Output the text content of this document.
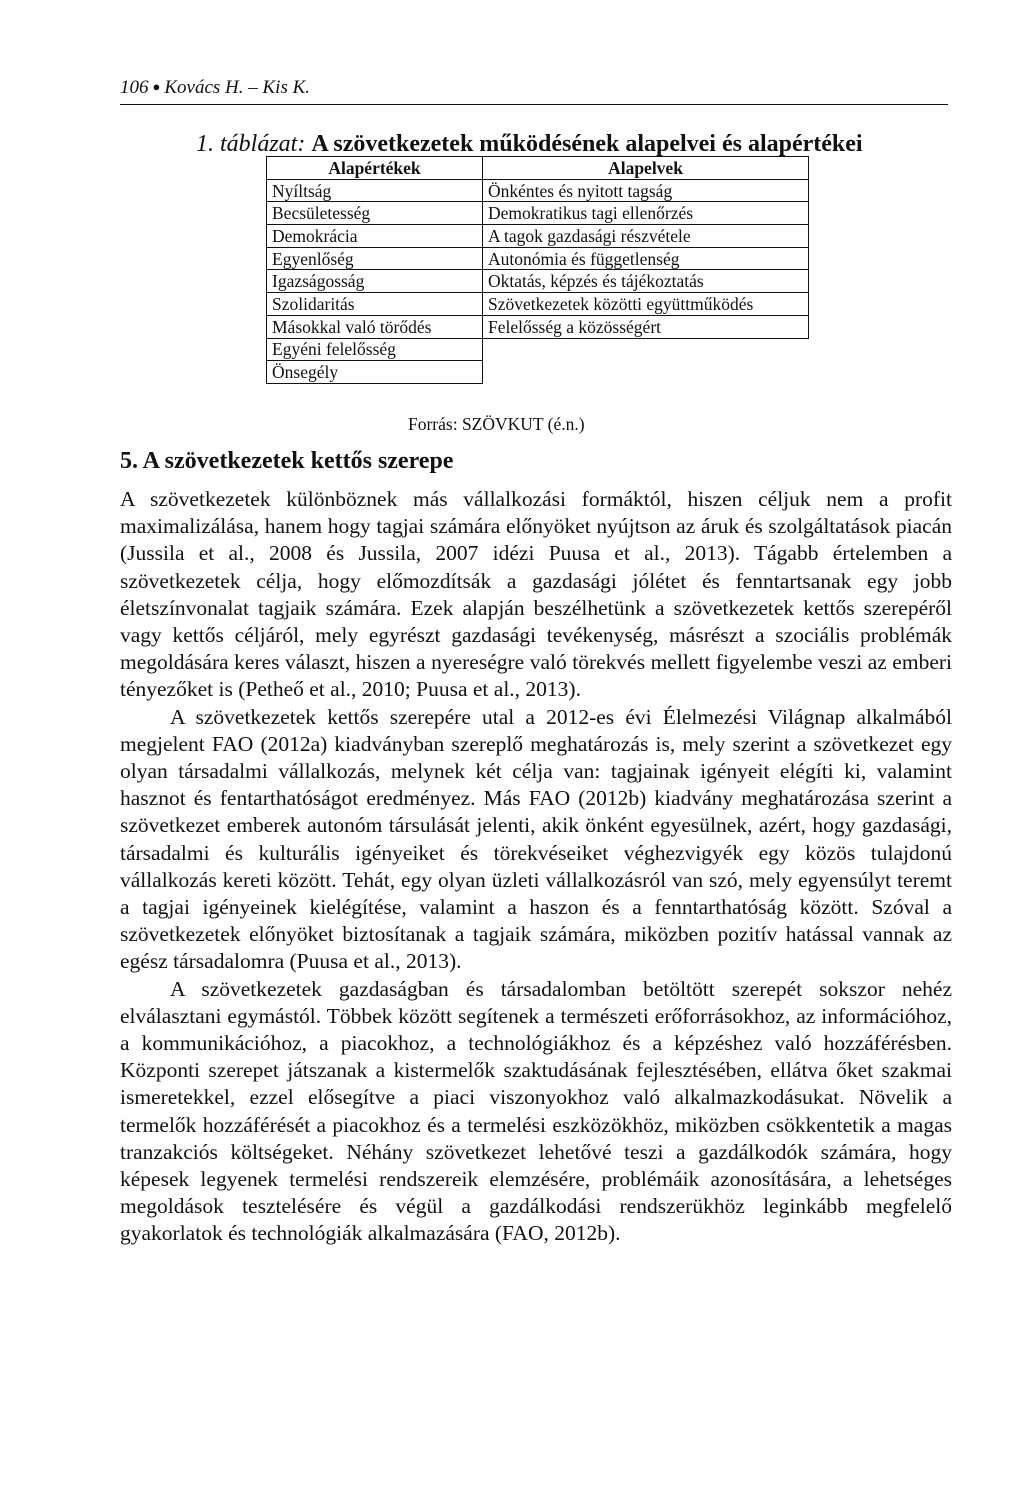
106 ● Kovács H. – Kis K.
1. táblázat: A szövetkezetek működésének alapelvei és alapértékei
Alapértékek	Alapelvek
Nyíltság	Önkéntes és nyitott tagság
Becsületesség	Demokratikus tagi ellenőrzés
Demokrácia	A tagok gazdasági részvétele
Egyenlőség	Autonómia és függetlenség
Igazságosság	Oktatás, képzés és tájékoztatás
Szolidaritás	Szövetkezetek közötti együttműködés
Másokkal való törődés	Felelősség a közösségért
Egyéni felelősség	
Önsegély	
Forrás: SZÖVKUT (é.n.)
5. A szövetkezetek kettős szerepe

A szövetkezetek különböznek más vállalkozási formáktól, hiszen céljuk nem a profit maximalizálása, hanem hogy tagjai számára előnyöket nyújtson az áruk és szolgáltatások piacán (Jussila et al., 2008 és Jussila, 2007 idézi Puusa et al., 2013). Tágabb értelemben a szövetkezetek célja, hogy előmozdítsák a gazdasági jólétet és fenntartsanak egy jobb életszínvonalat tagjaik számára. Ezek alapján beszélhetünk a szövetkezetek kettős szerepéről vagy kettős céljáról, mely egyrészt gazdasági tevékenység, másrészt a szociális problémák megoldására keres választ, hiszen a nyereségre való törekvés mellett figyelembe veszi az emberi tényezőket is (Petheő et al., 2010; Puusa et al., 2013).

A szövetkezetek kettős szerepére utal a 2012-es évi Élelmezési Világnap alkalmából megjelent FAO (2012a) kiadványban szereplő meghatározás is, mely szerint a szövetkezet egy olyan társadalmi vállalkozás, melynek két célja van: tagjainak igényeit elégíti ki, valamint hasznot és fentarthatóságot eredményez. Más FAO (2012b) kiadvány meghatározása szerint a szövetkezet emberek autonóm társulását jelenti, akik önként egyesülnek, azért, hogy gazdasági, társadalmi és kulturális igényeiket és törekvéseiket véghezvigyék egy közös tulajdonú vállalkozás kereti között. Tehát, egy olyan üzleti vállalkozásról van szó, mely egyensúlyt teremt a tagjai igényeinek kielégítése, valamint a haszon és a fenntarthatóság között. Szóval a szövetkezetek előnyöket biztosítanak a tagjaik számára, miközben pozitív hatással vannak az egész társadalomra (Puusa et al., 2013).

A szövetkezetek gazdaságban és társadalomban betöltött szerepét sokszor nehéz elválasztani egymástól. Többek között segítenek a természeti erőforrásokhoz, az információhoz, a kommunikációhoz, a piacokhoz, a technológiákhoz és a képzéshez való hozzáférésben. Központi szerepet játszanak a kistermelők szaktudásának fejlesztésében, ellátva őket szakmai ismeretekkel, ezzel elősegítve a piaci viszonyokhoz való alkalmazkodásukat. Növelik a termelők hozzáférését a piacokhoz és a termelési eszközökhöz, miközben csökkentetik a magas tranzakciós költségeket. Néhány szövetkezet lehetővé teszi a gazdálkodók számára, hogy képesek legyenek termelési rendszereik elemzésére, problémáik azonosítására, a lehetséges megoldások tesztelésére és végül a gazdálkodási rendszerükhöz leginkább megfelelő gyakorlatok és technológiák alkalmazására (FAO, 2012b).
